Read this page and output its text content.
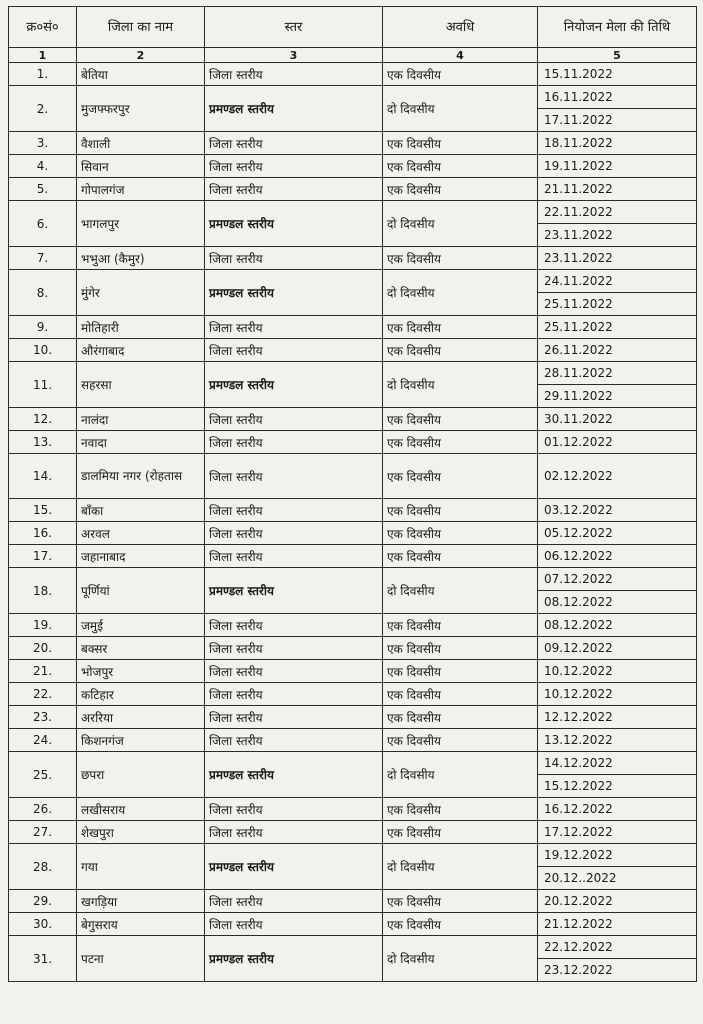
क्र०सं०	जिला का नाम	स्तर	अवधि	नियोजन मेला की तिथि
1	2	3	4	5
1.	बेतिया	जिला स्तरीय	एक दिवसीय	15.11.2022
2.	मुजफ्फरपुर	प्रमण्डल स्तरीय	दो दिवसीय	16.11.2022
				17.11.2022
3.	वैशाली	जिला स्तरीय	एक दिवसीय	18.11.2022
4.	सिवान	जिला स्तरीय	एक दिवसीय	19.11.2022
5.	गोपालगंज	जिला स्तरीय	एक दिवसीय	21.11.2022
6.	भागलपुर	प्रमण्डल स्तरीय	दो दिवसीय	22.11.2022
				23.11.2022
7.	भभुआ (कैमुर)	जिला स्तरीय	एक दिवसीय	23.11.2022
8.	मुंगेर	प्रमण्डल स्तरीय	दो दिवसीय	24.11.2022
				25.11.2022
9.	मोतिहारी	जिला स्तरीय	एक दिवसीय	25.11.2022
10.	औरंगाबाद	जिला स्तरीय	एक दिवसीय	26.11.2022
11.	सहरसा	प्रमण्डल स्तरीय	दो दिवसीय	28.11.2022
				29.11.2022
12.	नालंदा	जिला स्तरीय	एक दिवसीय	30.11.2022
13.	नवादा	जिला स्तरीय	एक दिवसीय	01.12.2022
14.	डालमिया नगर (रोहतास	जिला स्तरीय	एक दिवसीय	02.12.2022
15.	बाँका	जिला स्तरीय	एक दिवसीय	03.12.2022
16.	अरवल	जिला स्तरीय	एक दिवसीय	05.12.2022
17.	जहानाबाद	जिला स्तरीय	एक दिवसीय	06.12.2022
18.	पूर्णियां	प्रमण्डल स्तरीय	दो दिवसीय	07.12.2022
				08.12.2022
19.	जमुई	जिला स्तरीय	एक दिवसीय	08.12.2022
20.	बक्सर	जिला स्तरीय	एक दिवसीय	09.12.2022
21.	भोजपुर	जिला स्तरीय	एक दिवसीय	10.12.2022
22.	कटिहार	जिला स्तरीय	एक दिवसीय	10.12.2022
23.	अररिया	जिला स्तरीय	एक दिवसीय	12.12.2022
24.	किशनगंज	जिला स्तरीय	एक दिवसीय	13.12.2022
25.	छपरा	प्रमण्डल स्तरीय	दो दिवसीय	14.12.2022
				15.12.2022
26.	लखीसराय	जिला स्तरीय	एक दिवसीय	16.12.2022
27.	शेखपुरा	जिला स्तरीय	एक दिवसीय	17.12.2022
28.	गया	प्रमण्डल स्तरीय	दो दिवसीय	19.12.2022
				20.12..2022
29.	खगड़िया	जिला स्तरीय	एक दिवसीय	20.12.2022
30.	बेगुसराय	जिला स्तरीय	एक दिवसीय	21.12.2022
31.	पटना	प्रमण्डल स्तरीय	दो दिवसीय	22.12.2022
				23.12.2022
